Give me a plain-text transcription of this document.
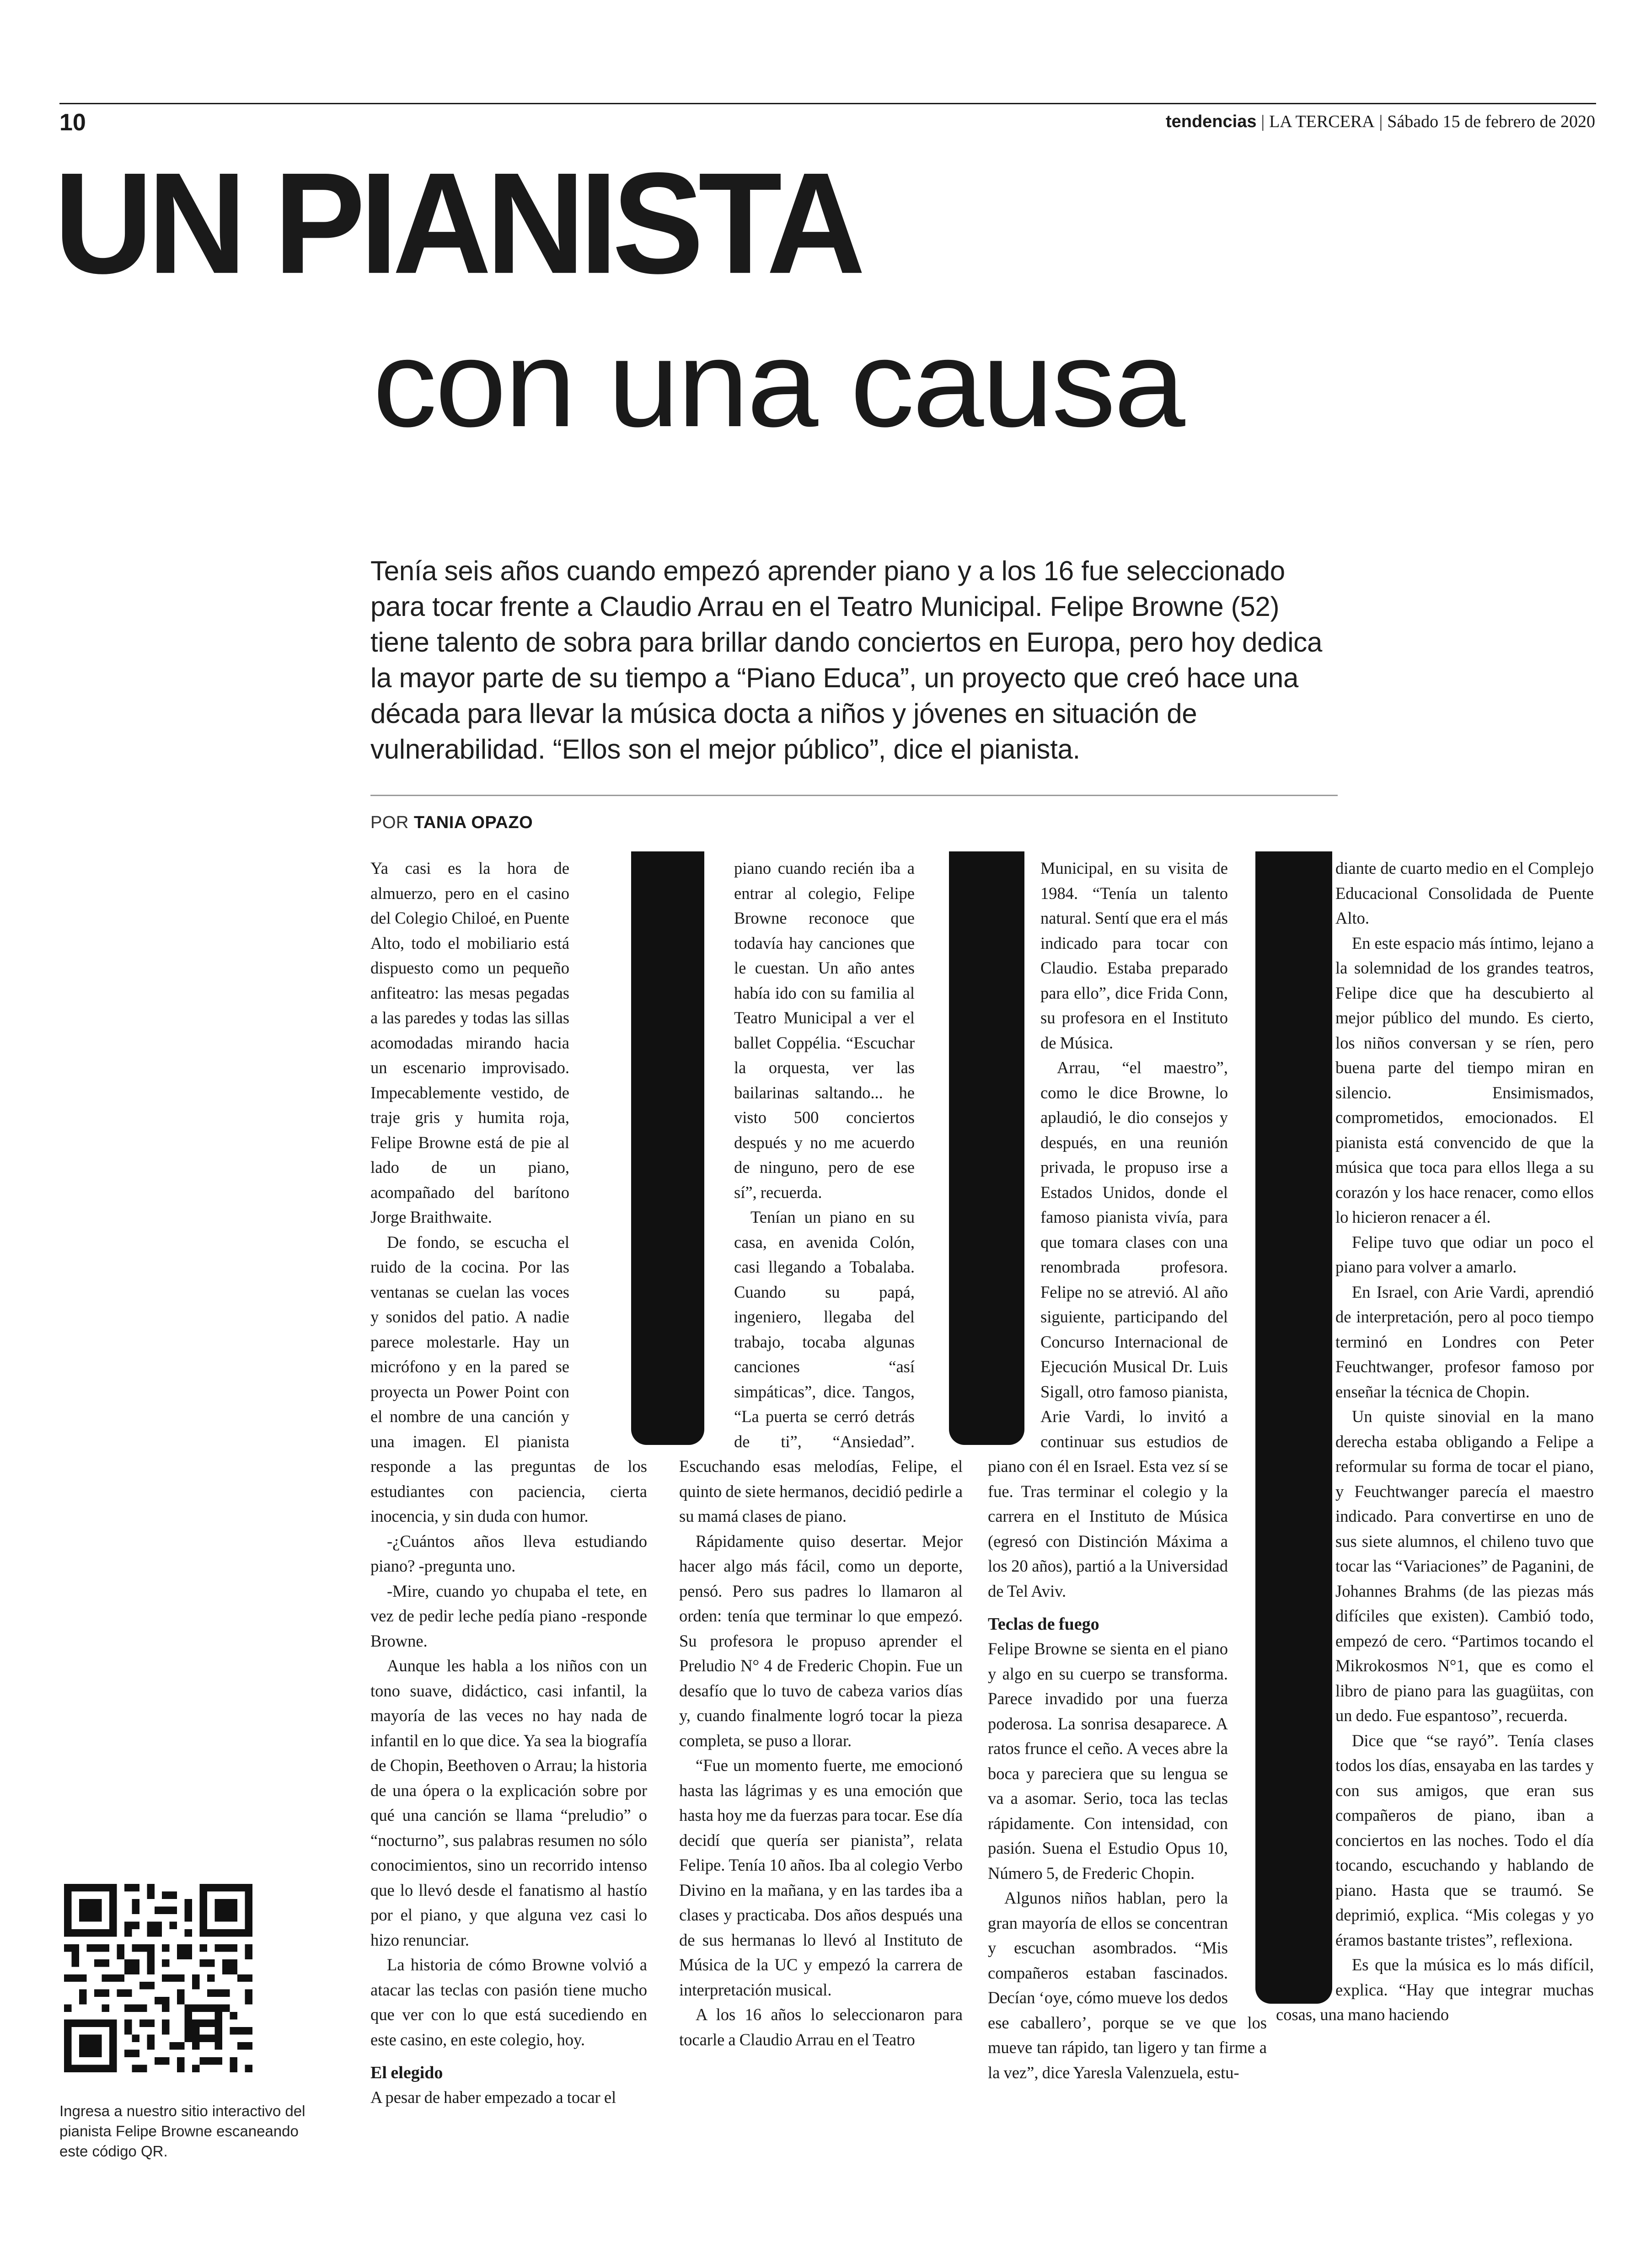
10	tendencias | LA TERCERA | Sábado 15 de febrero de 2020
UN PIANISTA
con una causa
Tenía seis años cuando empezó aprender piano y a los 16 fue seleccionado para tocar frente a Claudio Arrau en el Teatro Municipal. Felipe Browne (52) tiene talento de sobra para brillar dando conciertos en Europa, pero hoy dedica la mayor parte de su tiempo a “Piano Educa”, un proyecto que creó hace una década para llevar la música docta a niños y jóvenes en situación de vulnerabilidad. “Ellos son el mejor público”, dice el pianista.
POR TANIA OPAZO

Ya casi es la hora de almuerzo, pero en el casino del Colegio Chiloé, en Puente Alto, todo el mobiliario está dispuesto como un pequeño anfiteatro: las mesas pegadas a las paredes y todas las sillas acomodadas mirando hacia un escenario improvisado. Impecablemente vestido, de traje gris y humita roja, Felipe Browne está de pie al lado de un piano, acompañado del barítono Jorge Braithwaite.

De fondo, se escucha el ruido de la cocina. Por las ventanas se cuelan las voces y sonidos del patio. A nadie parece molestarle. Hay un micrófono y en la pared se proyecta un Power Point con el nombre de una canción y una imagen. El pianista responde a las preguntas de los estudiantes con paciencia, cierta inocencia, y sin duda con humor.

-¿Cuántos años lleva estudiando piano? -pregunta uno.

-Mire, cuando yo chupaba el tete, en vez de pedir leche pedía piano -responde Browne.

Aunque les habla a los niños con un tono suave, didáctico, casi infantil, la mayoría de las veces no hay nada de infantil en lo que dice. Ya sea la biografía de Chopin, Beethoven o Arrau; la historia de una ópera o la explicación sobre por qué una canción se llama “preludio” o “nocturno”, sus palabras resumen no sólo conocimientos, sino un recorrido intenso que lo llevó desde el fanatismo al hastío por el piano, y que alguna vez casi lo hizo renunciar.

La historia de cómo Browne volvió a atacar las teclas con pasión tiene mucho que ver con lo que está sucediendo en este casino, en este colegio, hoy.

El elegido

A pesar de haber empezado a tocar el

piano cuando recién iba a entrar al colegio, Felipe Browne reconoce que todavía hay canciones que le cuestan. Un año antes había ido con su familia al Teatro Municipal a ver el ballet Coppélia. “Escuchar la orquesta, ver las bailarinas saltando... he visto 500 conciertos después y no me acuerdo de ninguno, pero de ese sí”, recuerda.

Tenían un piano en su casa, en avenida Colón, casi llegando a Tobalaba. Cuando su papá, ingeniero, llegaba del trabajo, tocaba algunas canciones “así simpáticas”, dice. Tangos, “La puerta se cerró detrás de ti”, “Ansiedad”. Escuchando esas melodías, Felipe, el quinto de siete hermanos, decidió pedirle a su mamá clases de piano.

Rápidamente quiso desertar. Mejor hacer algo más fácil, como un deporte, pensó. Pero sus padres lo llamaron al orden: tenía que terminar lo que empezó. Su profesora le propuso aprender el Preludio N° 4 de Frederic Chopin. Fue un desafío que lo tuvo de cabeza varios días y, cuando finalmente logró tocar la pieza completa, se puso a llorar.

“Fue un momento fuerte, me emocionó hasta las lágrimas y es una emoción que hasta hoy me da fuerzas para tocar. Ese día decidí que quería ser pianista”, relata Felipe. Tenía 10 años. Iba al colegio Verbo Divino en la mañana, y en las tardes iba a clases y practicaba. Dos años después una de sus hermanas lo llevó al Instituto de Música de la UC y empezó la carrera de interpretación musical.

A los 16 años lo seleccionaron para tocarle a Claudio Arrau en el Teatro

Municipal, en su visita de 1984. “Tenía un talento natural. Sentí que era el más indicado para tocar con Claudio. Estaba preparado para ello”, dice Frida Conn, su profesora en el Instituto de Música.

Arrau, “el maestro”, como le dice Browne, lo aplaudió, le dio consejos y después, en una reunión privada, le propuso irse a Estados Unidos, donde el famoso pianista vivía, para que tomara clases con una renombrada profesora. Felipe no se atrevió. Al año siguiente, participando del Concurso Internacional de Ejecución Musical Dr. Luis Sigall, otro famoso pianista, Arie Vardi, lo invitó a continuar sus estudios de piano con él en Israel. Esta vez sí se fue. Tras terminar el colegio y la carrera en el Instituto de Música (egresó con Distinción Máxima a los 20 años), partió a la Universidad de Tel Aviv.

Teclas de fuego

Felipe Browne se sienta en el piano y algo en su cuerpo se transforma. Parece invadido por una fuerza poderosa. La sonrisa desaparece. A ratos frunce el ceño. A veces abre la boca y pareciera que su lengua se va a asomar. Serio, toca las teclas rápidamente. Con intensidad, con pasión. Suena el Estudio Opus 10, Número 5, de Frederic Chopin.

Algunos niños hablan, pero la gran mayoría de ellos se concentran y escuchan asombrados. “Mis compañeros estaban fascinados. Decían ‘oye, cómo mueve los dedos ese caballero’, porque se ve que los mueve tan rápido, tan ligero y tan firme a la vez”, dice Yaresla Valenzuela, estu-

diante de cuarto medio en el Complejo Educacional Consolidada de Puente Alto.

En este espacio más íntimo, lejano a la solemnidad de los grandes teatros, Felipe dice que ha descubierto al mejor público del mundo. Es cierto, los niños conversan y se ríen, pero buena parte del tiempo miran en silencio. Ensimismados, comprometidos, emocionados. El pianista está convencido de que la música que toca para ellos llega a su corazón y los hace renacer, como ellos lo hicieron renacer a él.

Felipe tuvo que odiar un poco el piano para volver a amarlo.

En Israel, con Arie Vardi, aprendió de interpretación, pero al poco tiempo terminó en Londres con Peter Feuchtwanger, profesor famoso por enseñar la técnica de Chopin.

Un quiste sinovial en la mano derecha estaba obligando a Felipe a reformular su forma de tocar el piano, y Feuchtwanger parecía el maestro indicado. Para convertirse en uno de sus siete alumnos, el chileno tuvo que tocar las “Variaciones” de Paganini, de Johannes Brahms (de las piezas más difíciles que existen). Cambió todo, empezó de cero. “Partimos tocando el Mikrokosmos N°1, que es como el libro de piano para las guagüitas, con un dedo. Fue espantoso”, recuerda.

Dice que “se rayó”. Tenía clases todos los días, ensayaba en las tardes y con sus amigos, que eran sus compañeros de piano, iban a conciertos en las noches. Todo el día tocando, escuchando y hablando de piano. Hasta que se traumó. Se deprimió, explica. “Mis colegas y yo éramos bastante tristes”, reflexiona.

Es que la música es lo más difícil, explica. “Hay que integrar muchas cosas, una mano haciendo

Ingresa a nuestro sitio interactivo del pianista Felipe Browne escaneando este código QR.
